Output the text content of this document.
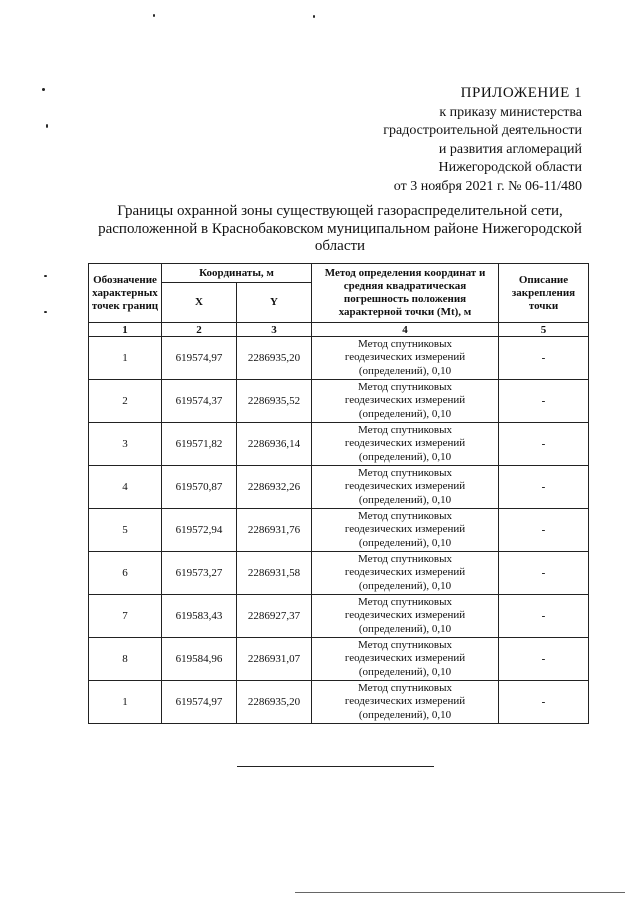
ПРИЛОЖЕНИЕ 1
к приказу министерства
градостроительной деятельности
и развития агломераций
Нижегородской области
от 3 ноября 2021 г. № 06-11/480
Границы охранной зоны существующей газораспределительной сети,
расположенной в Краснобаковском муниципальном районе Нижегородской
области
Обозначение характерных точек границ	Координаты, м		Метод определения координат и средняя квадратическая погрешность положения характерной точки (Mt), м	Описание закрепления точки
	X	Y		
1	2	3	4	5
1	619574,97	2286935,20	Метод спутниковых
геодезических измерений
(определений), 0,10	-
2	619574,37	2286935,52	Метод спутниковых
геодезических измерений
(определений), 0,10	-
3	619571,82	2286936,14	Метод спутниковых
геодезических измерений
(определений), 0,10	-
4	619570,87	2286932,26	Метод спутниковых
геодезических измерений
(определений), 0,10	-
5	619572,94	2286931,76	Метод спутниковых
геодезических измерений
(определений), 0,10	-
6	619573,27	2286931,58	Метод спутниковых
геодезических измерений
(определений), 0,10	-
7	619583,43	2286927,37	Метод спутниковых
геодезических измерений
(определений), 0,10	-
8	619584,96	2286931,07	Метод спутниковых
геодезических измерений
(определений), 0,10	-
1	619574,97	2286935,20	Метод спутниковых
геодезических измерений
(определений), 0,10	-
